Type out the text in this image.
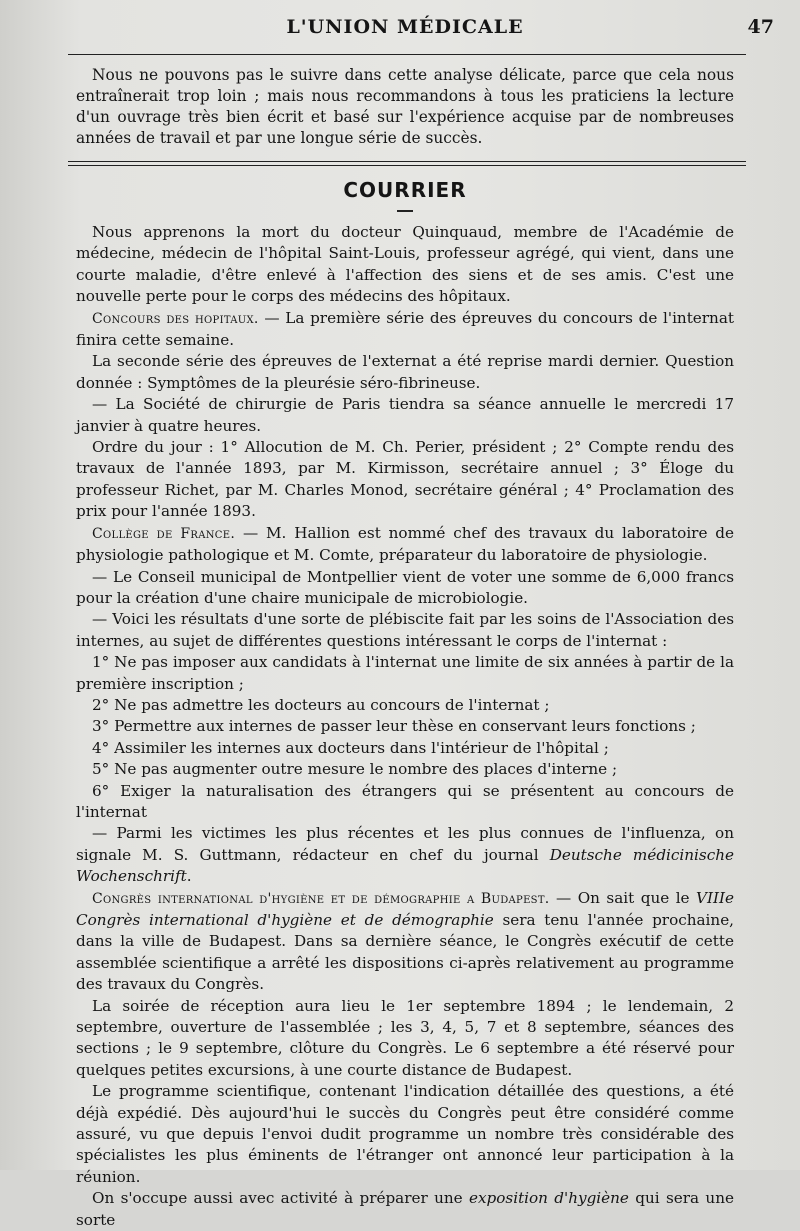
L'UNION MÉDICALE	47

Nous ne pouvons pas le suivre dans cette analyse délicate, parce que cela nous entraînerait trop loin ; mais nous recommandons à tous les praticiens la lecture d'un ouvrage très bien écrit et basé sur l'expérience acquise par de nombreuses années de travail et par une longue série de succès.

COURRIER

Nous apprenons la mort du docteur Quinquaud, membre de l'Académie de médecine, médecin de l'hôpital Saint-Louis, professeur agrégé, qui vient, dans une courte maladie, d'être enlevé à l'affection des siens et de ses amis. C'est une nouvelle perte pour le corps des médecins des hôpitaux.

Concours des hopitaux. — La première série des épreuves du concours de l'internat finira cette semaine.

La seconde série des épreuves de l'externat a été reprise mardi dernier. Question donnée : Symptômes de la pleurésie séro-fibrineuse.

— La Société de chirurgie de Paris tiendra sa séance annuelle le mercredi 17 janvier à quatre heures.

Ordre du jour : 1° Allocution de M. Ch. Perier, président ; 2° Compte rendu des travaux de l'année 1893, par M. Kirmisson, secrétaire annuel ; 3° Éloge du professeur Richet, par M. Charles Monod, secrétaire général ; 4° Proclamation des prix pour l'année 1893.

Collège de France. — M. Hallion est nommé chef des travaux du laboratoire de physiologie pathologique et M. Comte, préparateur du laboratoire de physiologie.

— Le Conseil municipal de Montpellier vient de voter une somme de 6,000 francs pour la création d'une chaire municipale de microbiologie.

— Voici les résultats d'une sorte de plébiscite fait par les soins de l'Association des internes, au sujet de différentes questions intéressant le corps de l'internat :

1° Ne pas imposer aux candidats à l'internat une limite de six années à partir de la première inscription ;

2° Ne pas admettre les docteurs au concours de l'internat ;

3° Permettre aux internes de passer leur thèse en conservant leurs fonctions ;

4° Assimiler les internes aux docteurs dans l'intérieur de l'hôpital ;

5° Ne pas augmenter outre mesure le nombre des places d'interne ;

6° Exiger la naturalisation des étrangers qui se présentent au concours de l'internat

— Parmi les victimes les plus récentes et les plus connues de l'influenza, on signale M. S. Guttmann, rédacteur en chef du journal Deutsche médicinische Wochenschrift.

Congrès international d'hygiène et de démographie a Budapest. — On sait que le VIIIe Congrès international d'hygiène et de démographie sera tenu l'année prochaine, dans la ville de Budapest. Dans sa dernière séance, le Congrès exécutif de cette assemblée scientifique a arrêté les dispositions ci-après relativement au programme des travaux du Congrès.

La soirée de réception aura lieu le 1er septembre 1894 ; le lendemain, 2 septembre, ouverture de l'assemblée ; les 3, 4, 5, 7 et 8 septembre, séances des sections ; le 9 septembre, clôture du Congrès. Le 6 septembre a été réservé pour quelques petites excursions, à une courte distance de Budapest.

Le programme scientifique, contenant l'indication détaillée des questions, a été déjà expédié. Dès aujourd'hui le succès du Congrès peut être considéré comme assuré, vu que depuis l'envoi dudit programme un nombre très considérable des spécialistes les plus éminents de l'étranger ont annoncé leur participation à la réunion.

On s'occupe aussi avec activité à préparer une exposition d'hygiène qui sera une sorte
